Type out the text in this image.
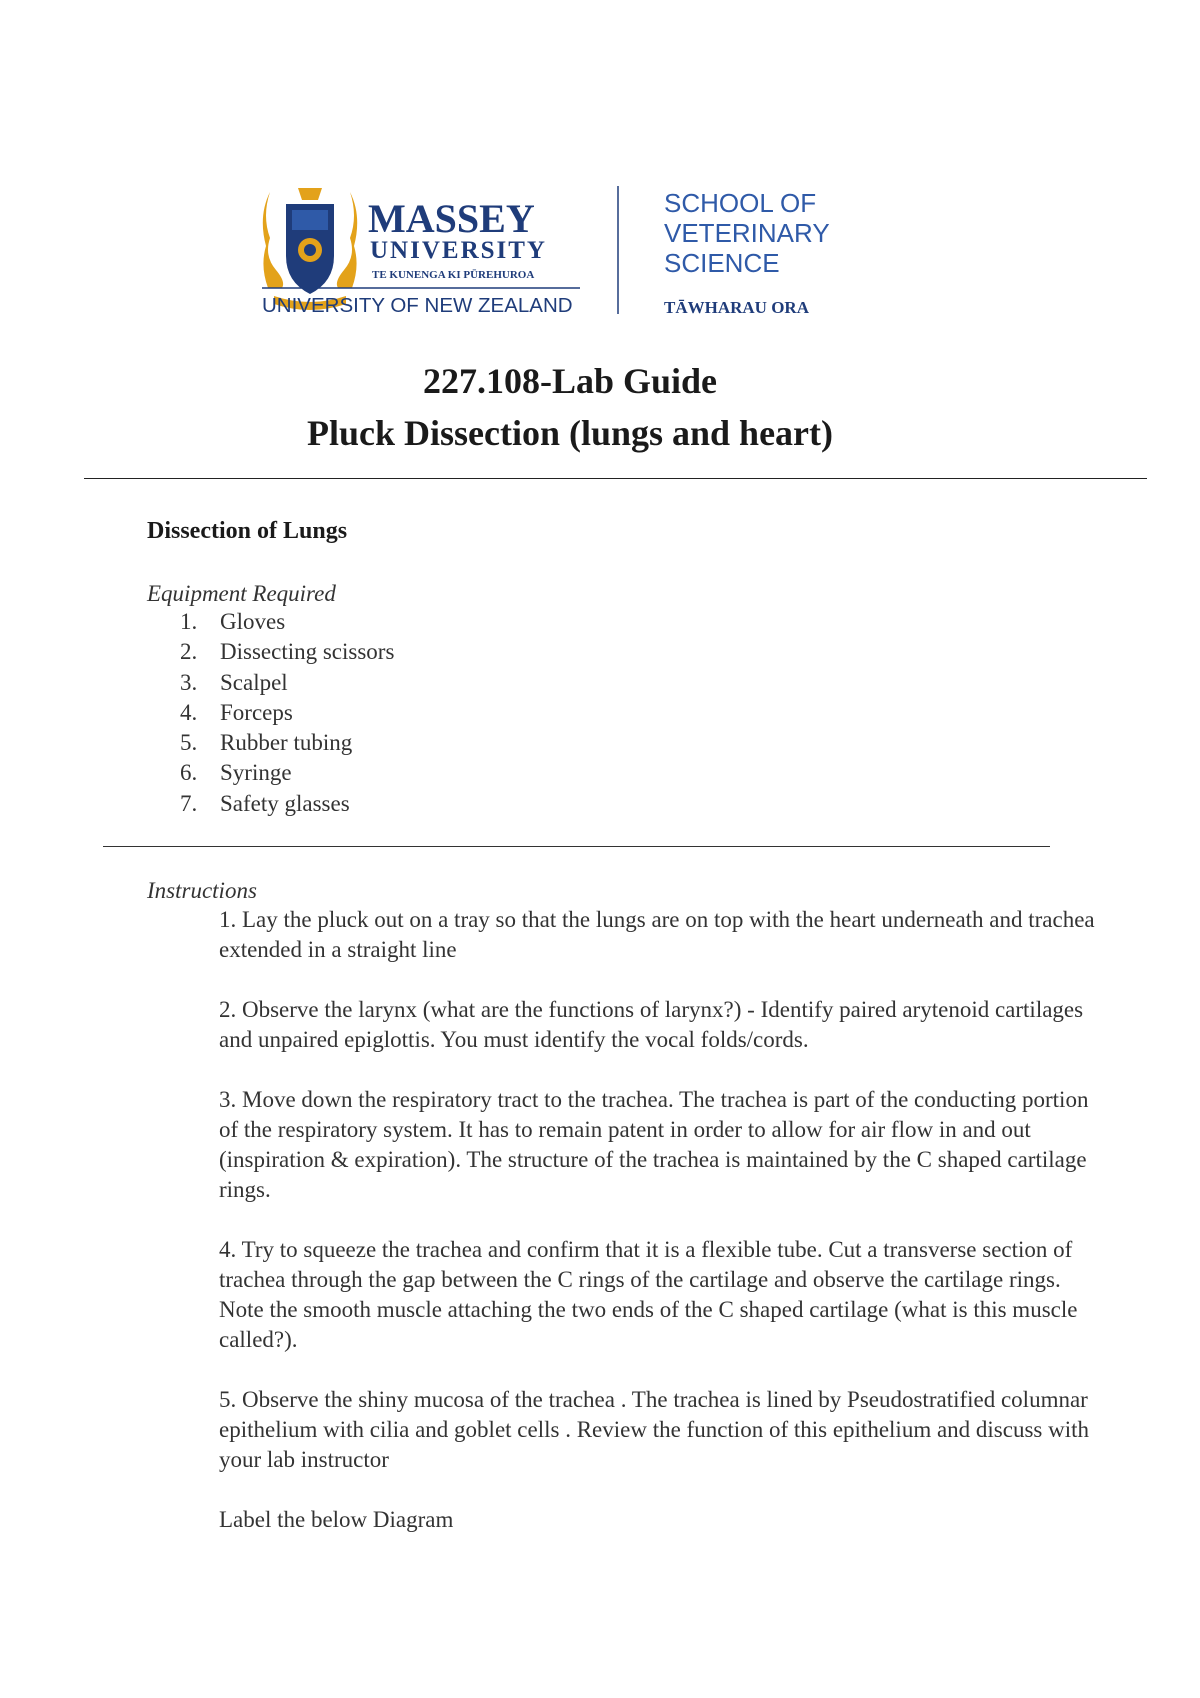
MASSEY
UNIVERSITY
TE KUNENGA KI PŪREHUROA
UNIVERSITY OF NEW ZEALAND
SCHOOL OF
VETERINARY
SCIENCE
TĀWHARAU ORA

227.108-Lab Guide

Pluck Dissection (lungs and heart)

Dissection of Lungs

Equipment Required

1. Gloves
2. Dissecting scissors
3. Scalpel
4. Forceps
5. Rubber tubing
6. Syringe
7. Safety glasses

Instructions

1. Lay the pluck out on a tray so that the lungs are on top with the heart underneath and trachea extended in a straight line

2. Observe the larynx (what are the functions of larynx?) - Identify paired arytenoid cartilages and unpaired epiglottis. You must identify the vocal folds/cords.

3. Move down the respiratory tract to the trachea. The trachea is part of the conducting portion of the respiratory system. It has to remain patent in order to allow for air flow in and out (inspiration & expiration). The structure of the trachea is maintained by the C shaped cartilage rings.

4. Try to squeeze the trachea and confirm that it is a flexible tube. Cut a transverse section of trachea through the gap between the C rings of the cartilage and observe the cartilage rings. Note the smooth muscle attaching the two ends of the C shaped cartilage (what is this muscle called?).

5. Observe the shiny mucosa of the trachea . The trachea is lined by Pseudostratified columnar epithelium with cilia and goblet cells . Review the function of this epithelium and discuss with your lab instructor

Label the below Diagram
